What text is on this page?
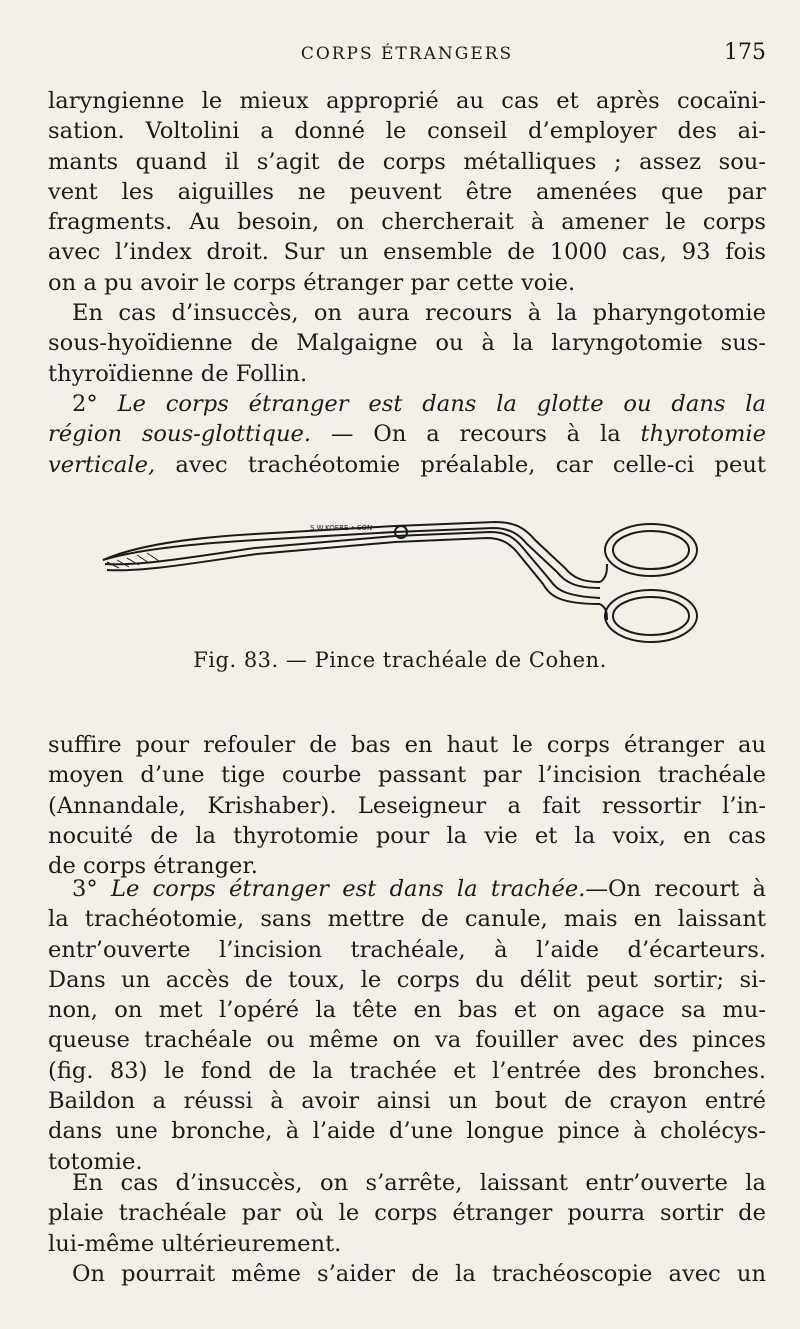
CORPS ÉTRANGERS	175
laryngienne le mieux approprié au cas et après cocaïni-
sation. Voltolini a donné le conseil d’employer des ai-
mants quand il s’agit de corps métalliques ; assez sou-
vent les aiguilles ne peuvent être amenées que par
fragments. Au besoin, on chercherait à amener le corps
avec l’index droit. Sur un ensemble de 1000 cas, 93 fois
on a pu avoir le corps étranger par cette voie.
En cas d’insuccès, on aura recours à la pharyngotomie
sous-hyoïdienne de Malgaigne ou à la laryngotomie sus-
thyroïdienne de Follin.
2° Le corps étranger est dans la glotte ou dans la
région sous-glottique. — On a recours à la thyrotomie
verticale, avec trachéotomie préalable, car celle-ci peut
S.W.KOERE • SON
Fig. 83. — Pince trachéale de Cohen.
suffire pour refouler de bas en haut le corps étranger au
moyen d’une tige courbe passant par l’incision trachéale
(Annandale, Krishaber). Leseigneur a fait ressortir l’in-
nocuité de la thyrotomie pour la vie et la voix, en cas
de corps étranger.
3° Le corps étranger est dans la trachée.—On recourt à
la trachéotomie, sans mettre de canule, mais en laissant
entr’ouverte l’incision trachéale, à l’aide d’écarteurs.
Dans un accès de toux, le corps du délit peut sortir; si-
non, on met l’opéré la tête en bas et on agace sa mu-
queuse trachéale ou même on va fouiller avec des pinces
(fig. 83) le fond de la trachée et l’entrée des bronches.
Baildon a réussi à avoir ainsi un bout de crayon entré
dans une bronche, à l’aide d’une longue pince à cholécys-
totomie.
En cas d’insuccès, on s’arrête, laissant entr’ouverte la
plaie trachéale par où le corps étranger pourra sortir de
lui-même ultérieurement.
On pourrait même s’aider de la trachéoscopie avec un
